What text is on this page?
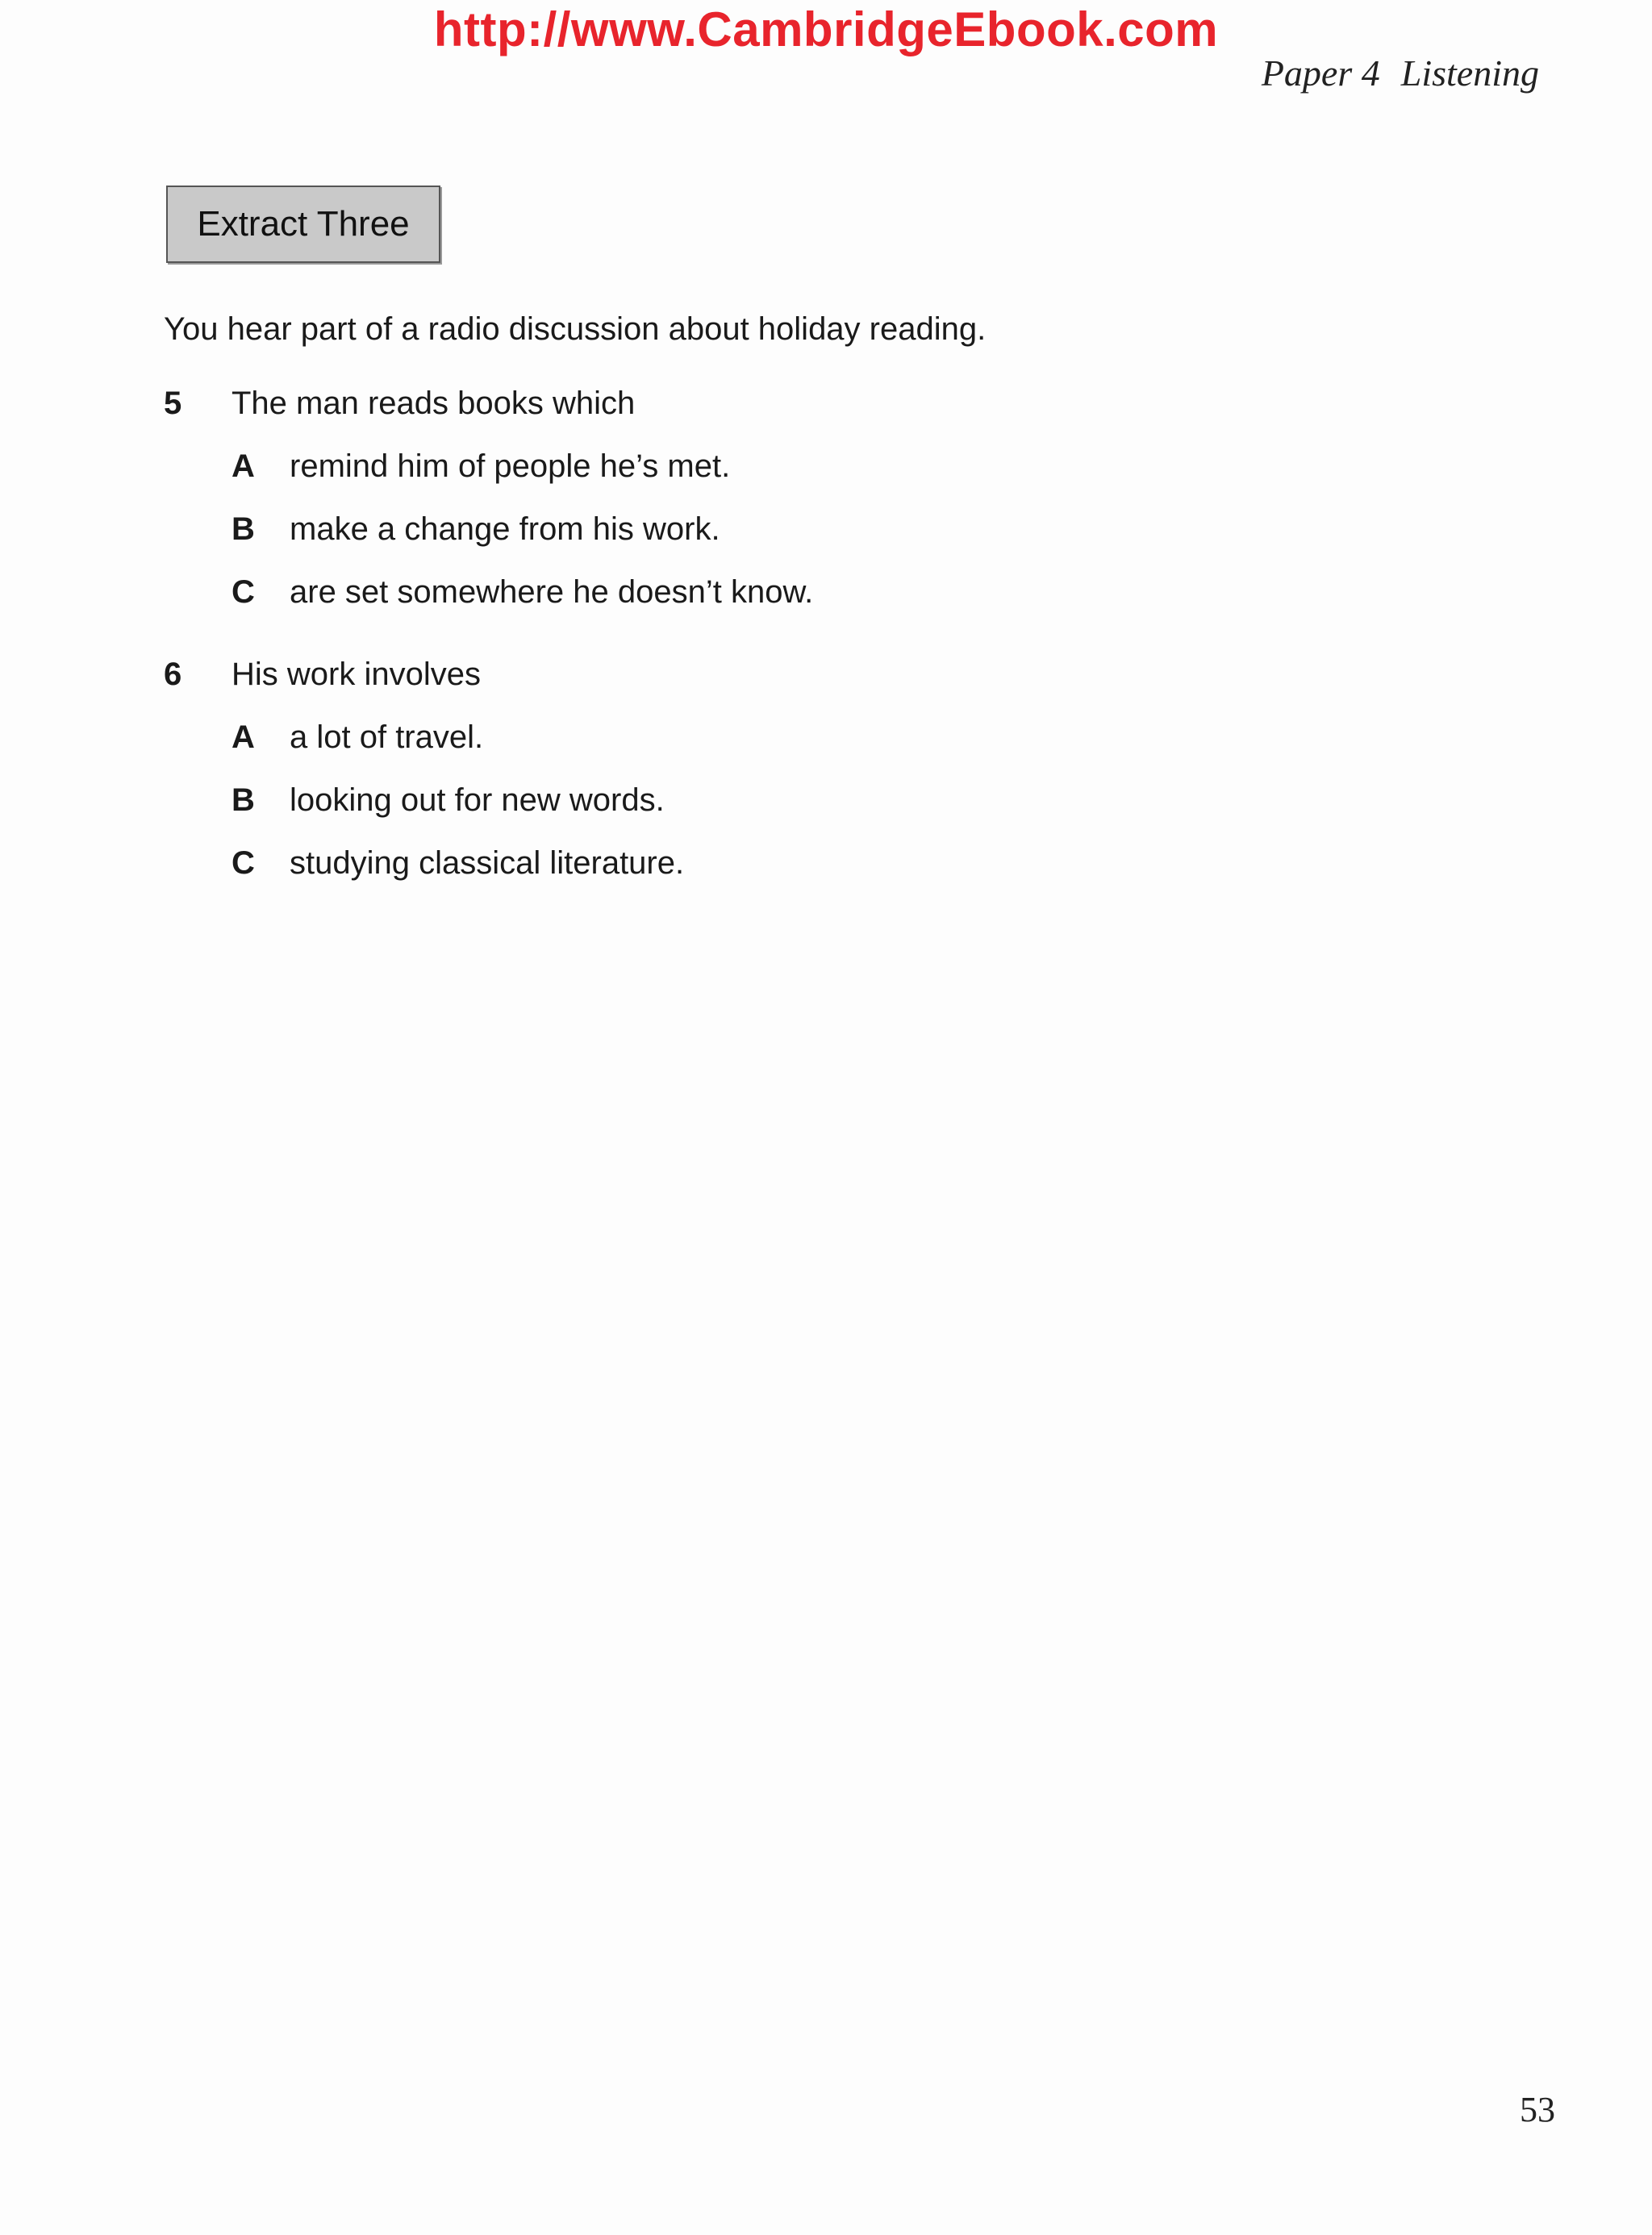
http://www.CambridgeEbook.com
Paper 4 Listening
Extract Three
You hear part of a radio discussion about holiday reading.
5	The man reads books which
A	remind him of people he’s met.
B	make a change from his work.
C	are set somewhere he doesn’t know.
6	His work involves
A	a lot of travel.
B	looking out for new words.
C	studying classical literature.
53
